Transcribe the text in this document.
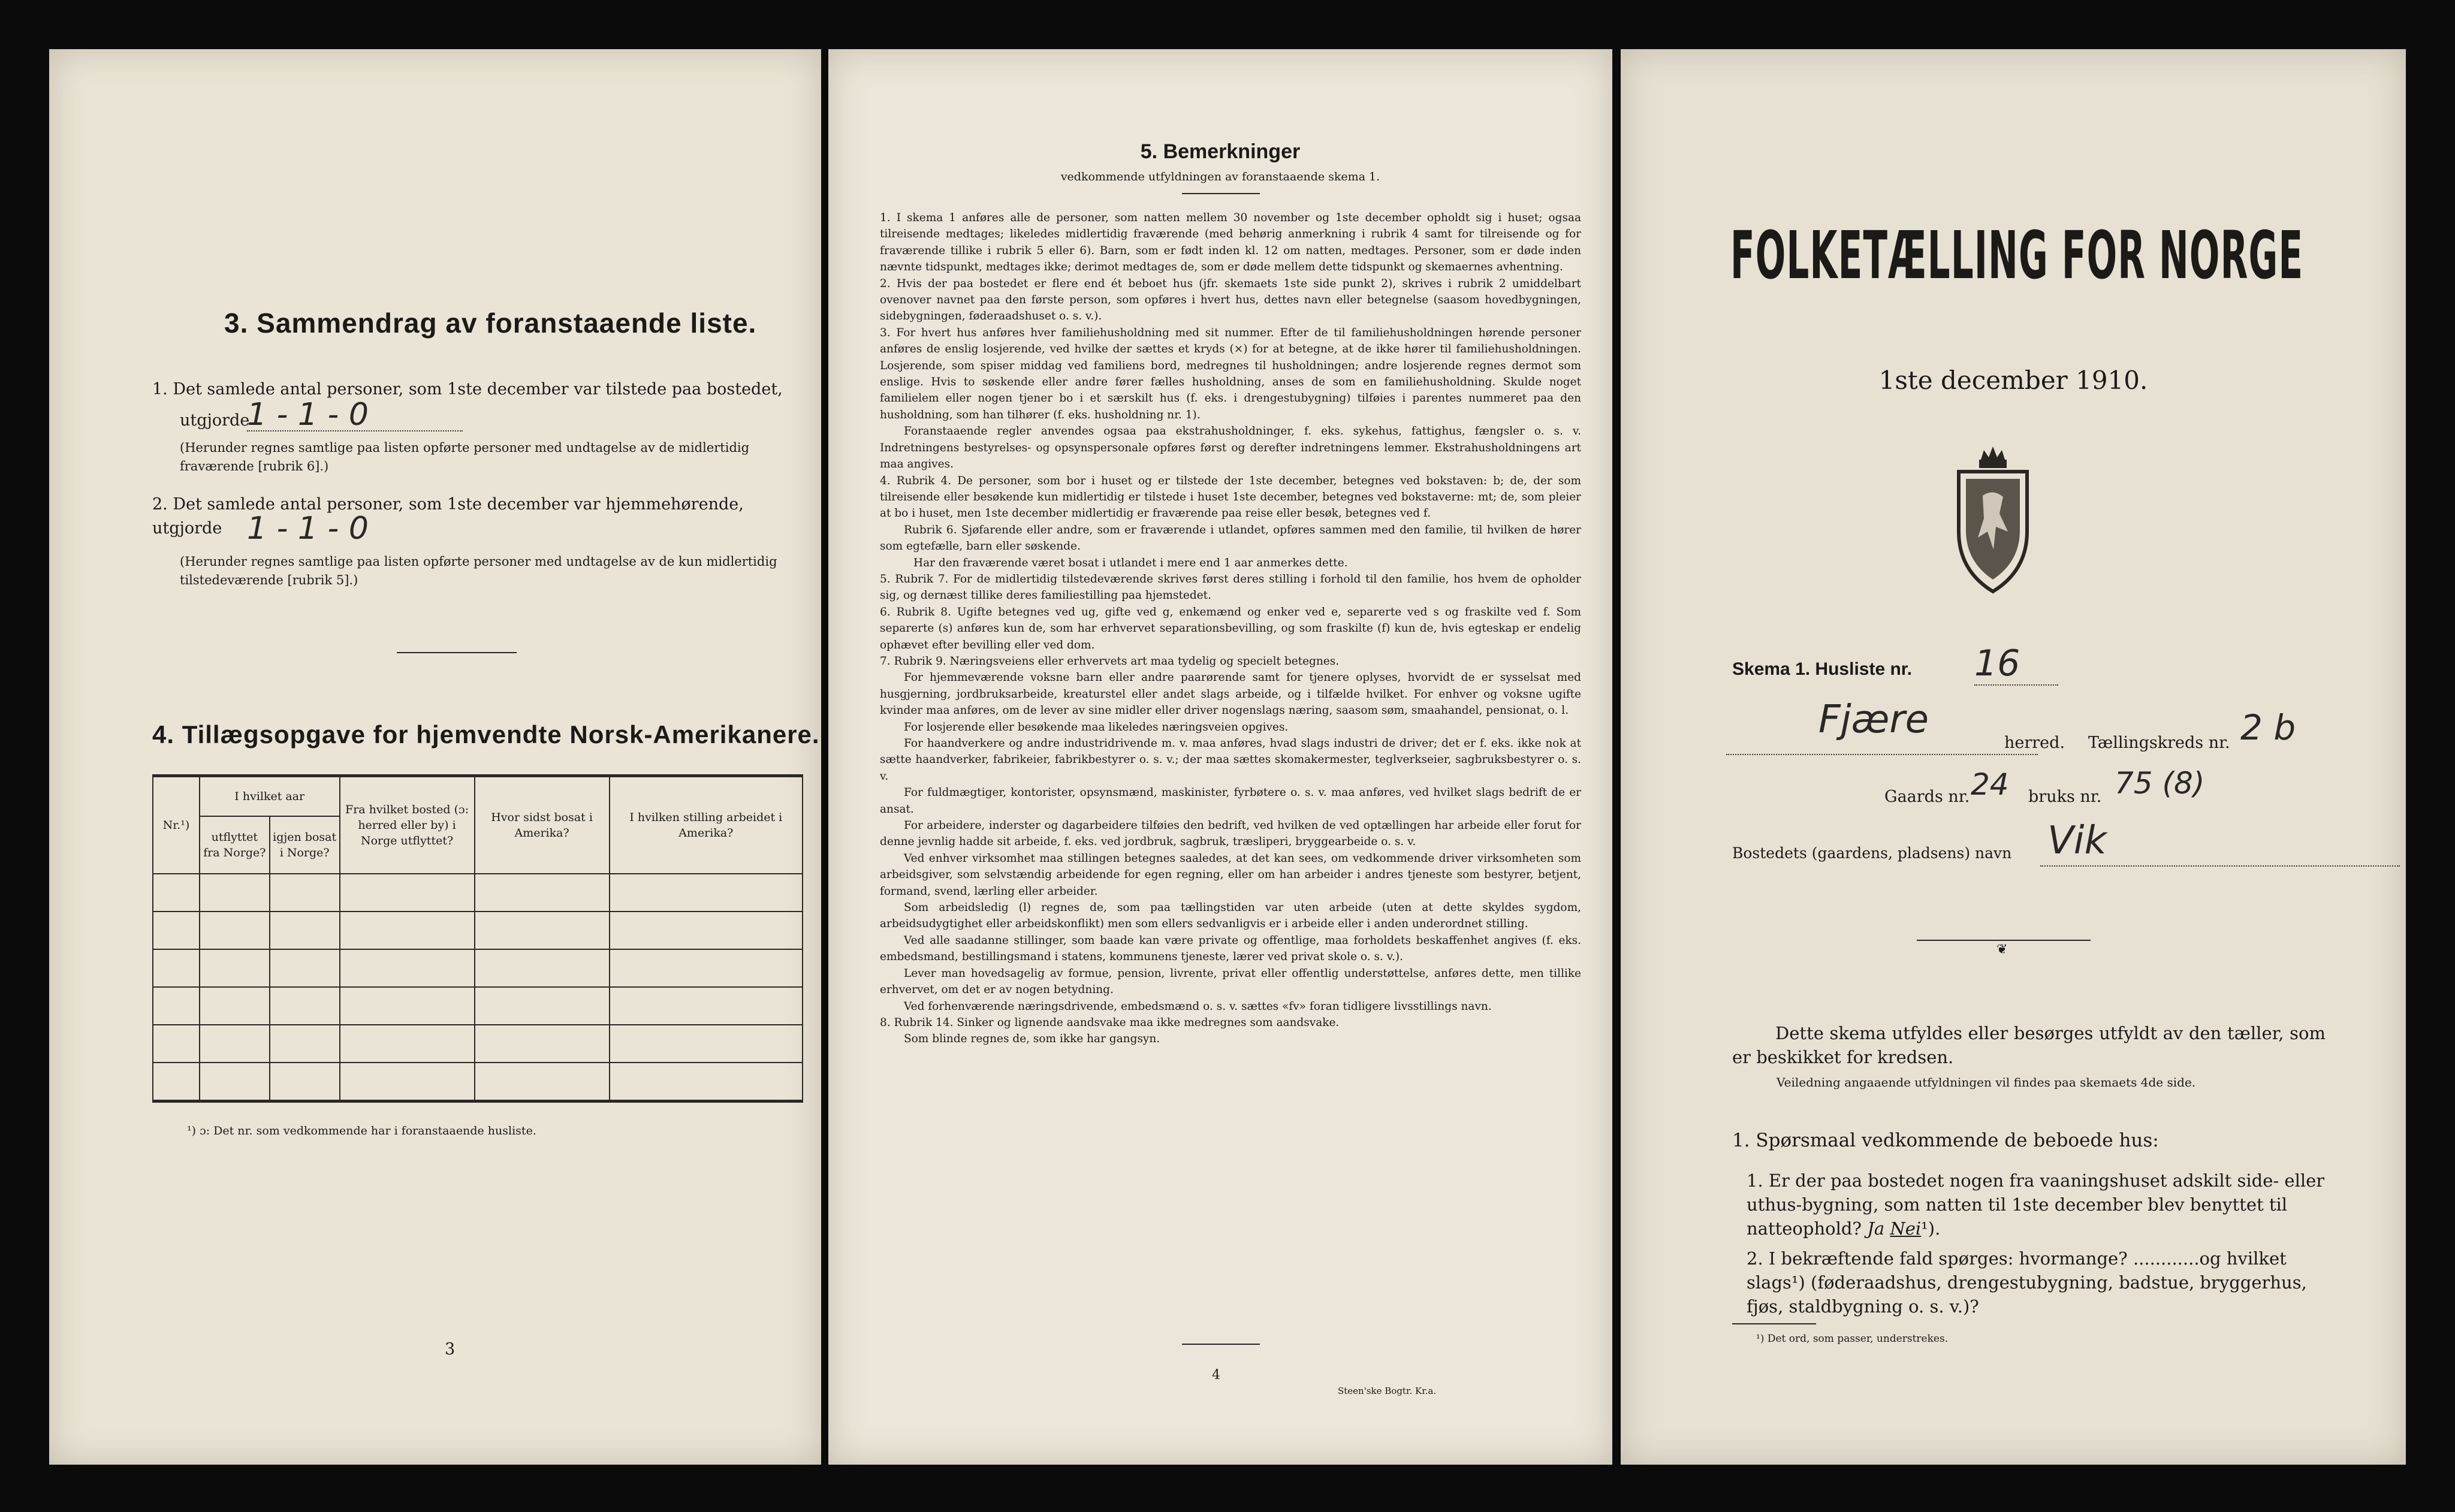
3. Sammendrag av foranstaaende liste.
1. Det samlede antal personer, som 1ste december var tilstede paa bostedet,
utgjorde
1 - 1 - 0
(Herunder regnes samtlige paa listen opførte personer med undtagelse av de midlertidig fraværende [rubrik 6].)
2. Det samlede antal personer, som 1ste december var hjemmehørende, utgjorde 1 - 1 - 0
(Herunder regnes samtlige paa listen opførte personer med undtagelse av de kun midlertidig tilstedeværende [rubrik 5].)
4. Tillægsopgave for hjemvendte Norsk-Amerikanere.
Nr.¹)	I hvilket aar		Fra hvilket bosted (ɔ: herred eller by) i Norge utflyttet?	Hvor sidst bosat i Amerika?	I hvilken stilling arbeidet i Amerika?
	utflyttet fra Norge?	igjen bosat i Norge?			

¹) ɔ: Det nr. som vedkommende har i foranstaaende husliste.
3
5. Bemerkninger
vedkommende utfyldningen av foranstaaende skema 1.
1. I skema 1 anføres alle de personer, som natten mellem 30 november og 1ste december opholdt sig i huset; ogsaa tilreisende medtages; likeledes midlertidig fraværende (med behørig anmerkning i rubrik 4 samt for tilreisende og for fraværende tillike i rubrik 5 eller 6). Barn, som er født inden kl. 12 om natten, medtages. Personer, som er døde inden nævnte tidspunkt, medtages ikke; derimot medtages de, som er døde mellem dette tidspunkt og skemaernes avhentning.
2. Hvis der paa bostedet er flere end ét beboet hus (jfr. skemaets 1ste side punkt 2), skrives i rubrik 2 umiddelbart ovenover navnet paa den første person, som opføres i hvert hus, dettes navn eller betegnelse (saasom hovedbygningen, sidebygningen, føderaadshuset o. s. v.).
3. For hvert hus anføres hver familiehusholdning med sit nummer. Efter de til familiehusholdningen hørende personer anføres de enslig losjerende, ved hvilke der sættes et kryds (×) for at betegne, at de ikke hører til familiehusholdningen. Losjerende, som spiser middag ved familiens bord, medregnes til husholdningen; andre losjerende regnes dermot som enslige. Hvis to søskende eller andre fører fælles husholdning, anses de som en familiehusholdning. Skulde noget familielem eller nogen tjener bo i et særskilt hus (f. eks. i drengestubygning) tilføies i parentes nummeret paa den husholdning, som han tilhører (f. eks. husholdning nr. 1).
Foranstaaende regler anvendes ogsaa paa ekstrahusholdninger, f. eks. sykehus, fattighus, fængsler o. s. v. Indretningens bestyrelses- og opsynspersonale opføres først og derefter indretningens lemmer. Ekstrahusholdningens art maa angives.
4. Rubrik 4. De personer, som bor i huset og er tilstede der 1ste december, betegnes ved bokstaven: b; de, der som tilreisende eller besøkende kun midlertidig er tilstede i huset 1ste december, betegnes ved bokstaverne: mt; de, som pleier at bo i huset, men 1ste december midlertidig er fraværende paa reise eller besøk, betegnes ved f.
Rubrik 6. Sjøfarende eller andre, som er fraværende i utlandet, opføres sammen med den familie, til hvilken de hører som egtefælle, barn eller søskende.
Har den fraværende været bosat i utlandet i mere end 1 aar anmerkes dette.
5. Rubrik 7. For de midlertidig tilstedeværende skrives først deres stilling i forhold til den familie, hos hvem de opholder sig, og dernæst tillike deres familiestilling paa hjemstedet.
6. Rubrik 8. Ugifte betegnes ved ug, gifte ved g, enkemænd og enker ved e, separerte ved s og fraskilte ved f. Som separerte (s) anføres kun de, som har erhvervet separationsbevilling, og som fraskilte (f) kun de, hvis egteskap er endelig ophævet efter bevilling eller ved dom.
7. Rubrik 9. Næringsveiens eller erhvervets art maa tydelig og specielt betegnes.
For hjemmeværende voksne barn eller andre paarørende samt for tjenere oplyses, hvorvidt de er sysselsat med husgjerning, jordbruksarbeide, kreaturstel eller andet slags arbeide, og i tilfælde hvilket. For enhver og voksne ugifte kvinder maa anføres, om de lever av sine midler eller driver nogenslags næring, saasom søm, smaahandel, pensionat, o. l.
For losjerende eller besøkende maa likeledes næringsveien opgives.
For haandverkere og andre industridrivende m. v. maa anføres, hvad slags industri de driver; det er f. eks. ikke nok at sætte haandverker, fabrikeier, fabrikbestyrer o. s. v.; der maa sættes skomakermester, teglverkseier, sagbruksbestyrer o. s. v.
For fuldmægtiger, kontorister, opsynsmænd, maskinister, fyrbøtere o. s. v. maa anføres, ved hvilket slags bedrift de er ansat.
For arbeidere, inderster og dagarbeidere tilføies den bedrift, ved hvilken de ved optællingen har arbeide eller forut for denne jevnlig hadde sit arbeide, f. eks. ved jordbruk, sagbruk, træsliperi, bryggearbeide o. s. v.
Ved enhver virksomhet maa stillingen betegnes saaledes, at det kan sees, om vedkommende driver virksomheten som arbeidsgiver, som selvstændig arbeidende for egen regning, eller om han arbeider i andres tjeneste som bestyrer, betjent, formand, svend, lærling eller arbeider.
Som arbeidsledig (l) regnes de, som paa tællingstiden var uten arbeide (uten at dette skyldes sygdom, arbeidsudygtighet eller arbeidskonflikt) men som ellers sedvanligvis er i arbeide eller i anden underordnet stilling.
Ved alle saadanne stillinger, som baade kan være private og offentlige, maa forholdets beskaffenhet angives (f. eks. embedsmand, bestillingsmand i statens, kommunens tjeneste, lærer ved privat skole o. s. v.).
Lever man hovedsagelig av formue, pension, livrente, privat eller offentlig understøttelse, anføres dette, men tillike erhvervet, om det er av nogen betydning.
Ved forhenværende næringsdrivende, embedsmænd o. s. v. sættes «fv» foran tidligere livsstillings navn.
8. Rubrik 14. Sinker og lignende aandsvake maa ikke medregnes som aandsvake.
Som blinde regnes de, som ikke har gangsyn.
4
Steen'ske Bogtr. Kr.a.
FOLKETÆLLING FOR NORGE
1ste december 1910.
Skema 1. Husliste nr. 16
Fjære
herred. Tællingskreds nr. 2 b
Gaards nr. 24 bruks nr. 75 (8)
Bostedets (gaardens, pladsens) navn Vik
❦
Dette skema utfyldes eller besørges utfyldt av den tæller, som er beskikket for kredsen.
Veiledning angaaende utfyldningen vil findes paa skemaets 4de side.
1. Spørsmaal vedkommende de beboede hus:
1. Er der paa bostedet nogen fra vaaningshuset adskilt side- eller uthus-bygning, som natten til 1ste december blev benyttet til natteophold? Ja Nei¹).
2. I bekræftende fald spørges: hvormange? ............og hvilket slags¹) (føderaadshus, drengestubygning, badstue, bryggerhus, fjøs, staldbygning o. s. v.)?
¹) Det ord, som passer, understrekes.
